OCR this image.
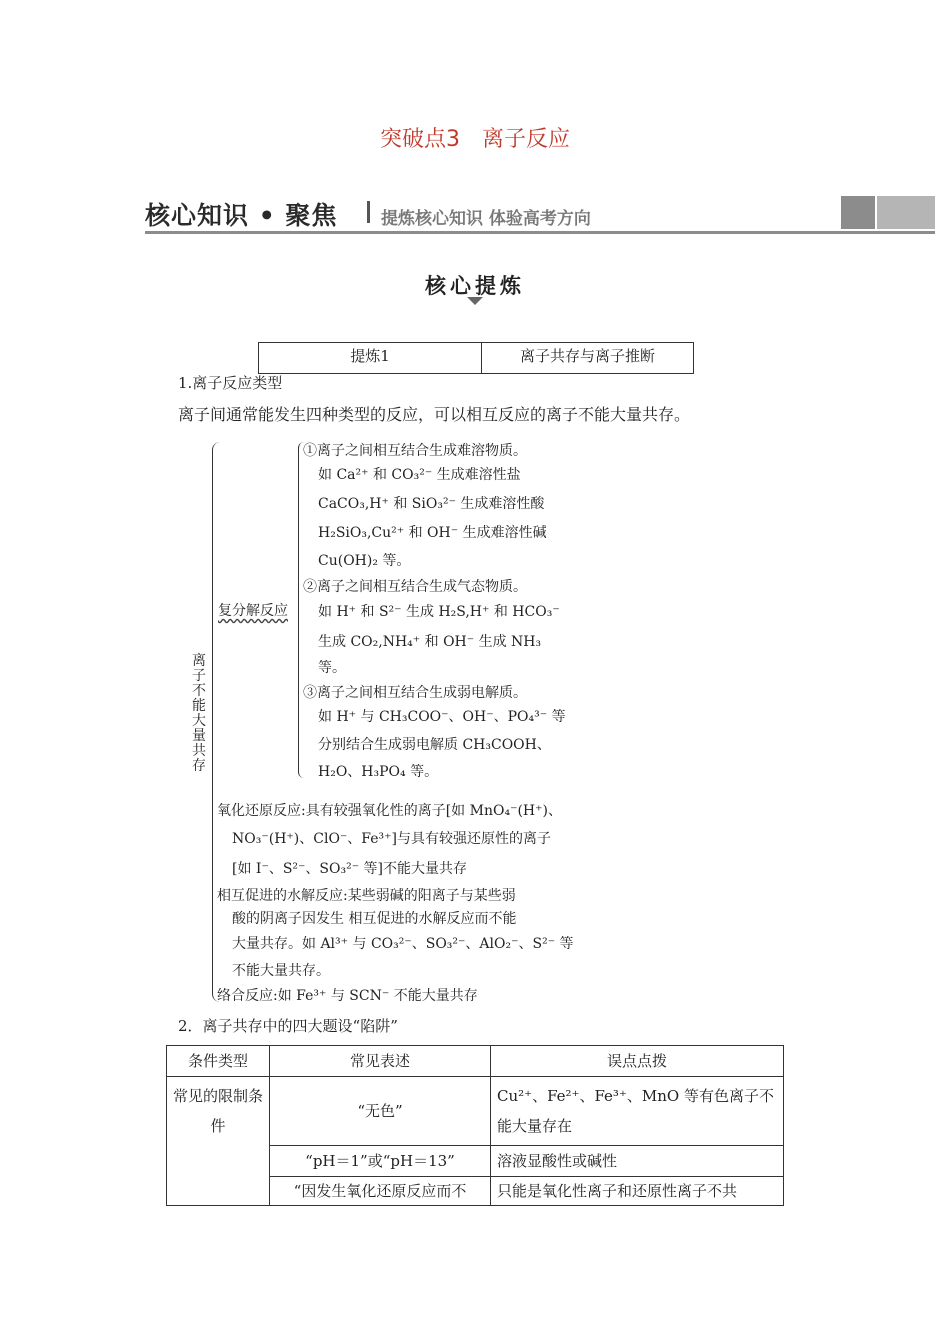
突破点3　离子反应
核心知识 • 聚焦	提炼核心知识 体验高考方向
核心提炼
提炼1	离子共存与离子推断
1.离子反应类型
离子间通常能发生四种类型的反应，可以相互反应的离子不能大量共存。
离
子
不
能
大
量
共
存
复分解反应
①离子之间相互结合生成难溶物质。
如 Ca²⁺ 和 CO₃²⁻ 生成难溶性盐
CaCO₃,H⁺ 和 SiO₃²⁻ 生成难溶性酸
H₂SiO₃,Cu²⁺ 和 OH⁻ 生成难溶性碱
Cu(OH)₂ 等。
②离子之间相互结合生成气态物质。
如 H⁺ 和 S²⁻ 生成 H₂S,H⁺ 和 HCO₃⁻
生成 CO₂,NH₄⁺ 和 OH⁻ 生成 NH₃
等。
③离子之间相互结合生成弱电解质。
如 H⁺ 与 CH₃COO⁻、OH⁻、PO₄³⁻ 等
分别结合生成弱电解质 CH₃COOH、
H₂O、H₃PO₄ 等。
氧化还原反应:具有较强氧化性的离子[如 MnO₄⁻(H⁺)、
NO₃⁻(H⁺)、ClO⁻、Fe³⁺]与具有较强还原性的离子
[如 I⁻、S²⁻、SO₃²⁻ 等]不能大量共存
相互促进的水解反应:某些弱碱的阳离子与某些弱
酸的阴离子因发生 相互促进的水解反应而不能
大量共存。如 Al³⁺ 与 CO₃²⁻、SO₃²⁻、AlO₂⁻、S²⁻ 等
不能大量共存。
络合反应:如 Fe³⁺ 与 SCN⁻ 不能大量共存
2．离子共存中的四大题设“陷阱”
条件类型	常见表述	误点点拨
常见的限制条件	“无色”	Cu²⁺、Fe²⁺、Fe³⁺、MnO 等有色离子不能大量存在
	“pH＝1”或“pH＝13”	溶液显酸性或碱性
	“因发生氧化还原反应而不	只能是氧化性离子和还原性离子不共
